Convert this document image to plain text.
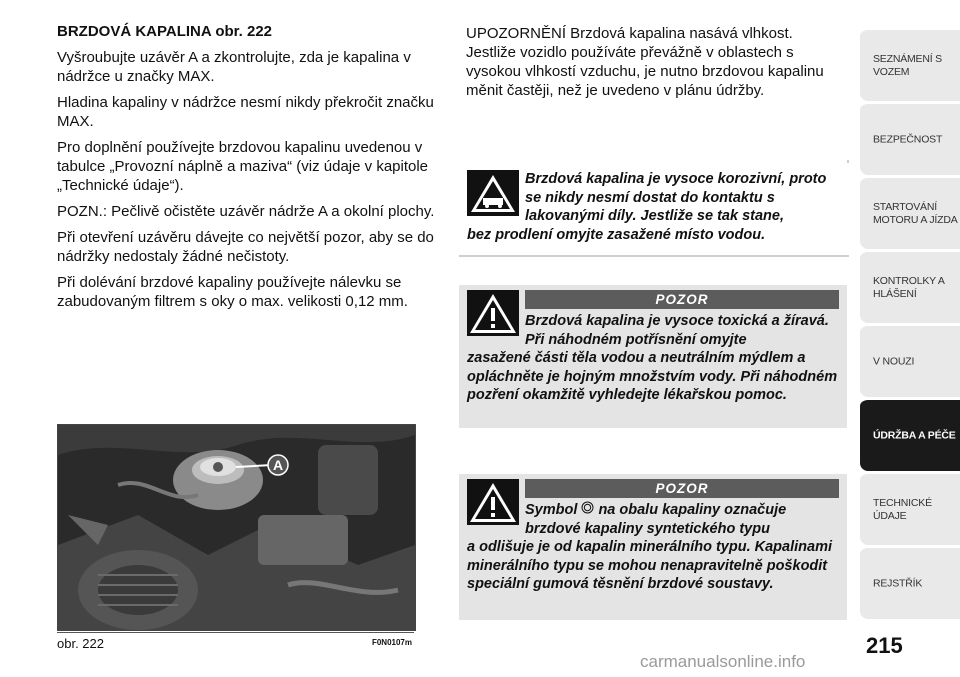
BRZDOVÁ KAPALINA obr. 222

Vyšroubujte uzávěr A a zkontrolujte, zda je kapalina v nádržce u značky MAX.

Hladina kapaliny v nádržce nesmí nikdy překročit značku MAX.

Pro doplnění používejte brzdovou kapalinu uvedenou v tabulce „Provozní náplně a maziva“ (viz údaje v kapitole „Technické údaje“).

POZN.: Pečlivě očistěte uzávěr nádrže A a okolní plochy.

Při otevření uzávěru dávejte co největší pozor, aby se do nádržky nedostaly žádné nečistoty.

Při dolévání brzdové kapaliny používejte nálevku se zabudovaným filtrem s oky o max. velikosti 0,12 mm.

A
obr. 222	F0N0107m
UPOZORNĚNÍ Brzdová kapalina nasává vlhkost. Jestliže vozidlo používáte převážně v oblastech s vysokou vlhkostí vzduchu, je nutno brzdovou kapalinu měnit častěji, než je uvedeno v plánu údržby.
Brzdová kapalina je vysoce korozivní, proto se nikdy nesmí dostat do kontaktu s lakovanými díly. Jestliže se tak stane,
bez prodlení omyjte zasažené místo vodou.
POZOR
Brzdová kapalina je vysoce toxická a žíravá. Při náhodném potřísnění omyjte
zasažené části těla vodou a neutrálním mýdlem a opláchněte je hojným množstvím vody. Při náhodném pozření okamžitě vyhledejte lékařskou pomoc.
POZOR
Symbol na obalu kapaliny označuje brzdové kapaliny syntetického typu
a odlišuje je od kapalin minerálního typu. Kapalinami minerálního typu se mohou nenapravitelně poškodit speciální gumová těsnění brzdové soustavy.
SEZNÁMENÍ S VOZEM
BEZPEČNOST
STARTOVÁNÍ MOTORU A JÍZDA
KONTROLKY A HLÁŠENÍ
V NOUZI
ÚDRŽBA A PÉČE
TECHNICKÉ ÚDAJE
REJSTŘÍK
215
carmanualsonline.info
